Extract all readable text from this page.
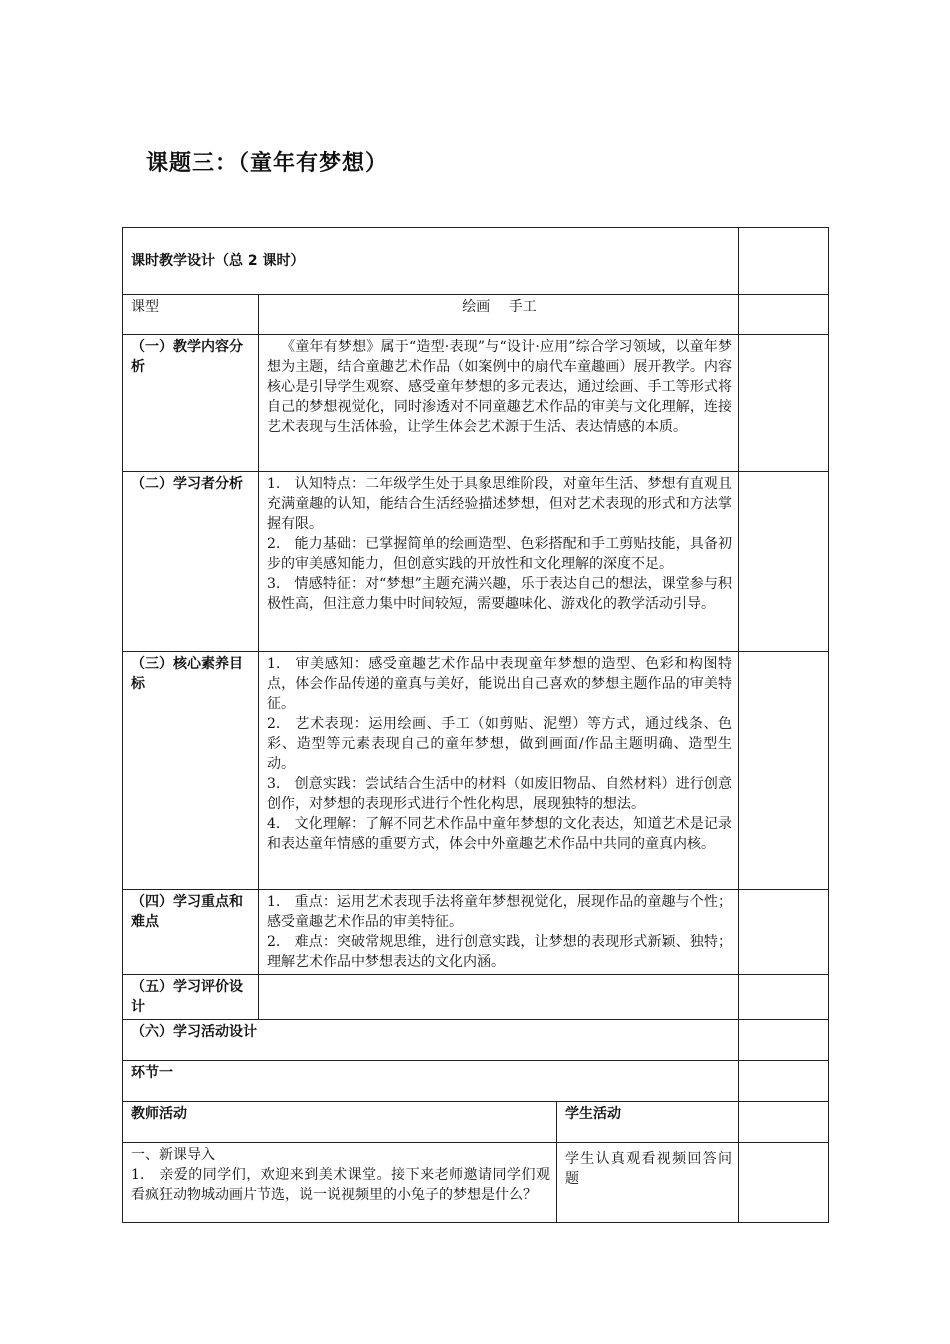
课题三：（童年有梦想）
课时教学设计（总 2 课时）			
课型	绘画　 手工		
（一）教学内容分析	《童年有梦想》属于“造型·表现”与“设计·应用”综合学习领域，以童年梦想为主题，结合童趣艺术作品（如案例中的扇代车童趣画）展开教学。内容核心是引导学生观察、感受童年梦想的多元表达，通过绘画、手工等形式将自己的梦想视觉化，同时渗透对不同童趣艺术作品的审美与文化理解，连接艺术表现与生活体验，让学生体会艺术源于生活、表达情感的本质。		
（二）学习者分析	1.　认知特点：二年级学生处于具象思维阶段，对童年生活、梦想有直观且充满童趣的认知，能结合生活经验描述梦想，但对艺术表现的形式和方法掌握有限。
2.　能力基础：已掌握简单的绘画造型、色彩搭配和手工剪贴技能，具备初步的审美感知能力，但创意实践的开放性和文化理解的深度不足。
3.　情感特征：对“梦想”主题充满兴趣，乐于表达自己的想法，课堂参与积极性高，但注意力集中时间较短，需要趣味化、游戏化的教学活动引导。		

（三）核心素养目标	1.　审美感知：感受童趣艺术作品中表现童年梦想的造型、色彩和构图特点，体会作品传递的童真与美好，能说出自己喜欢的梦想主题作品的审美特征。
2.　艺术表现：运用绘画、手工（如剪贴、泥塑）等方式，通过线条、色彩、造型等元素表现自己的童年梦想，做到画面/作品主题明确、造型生动。
3.　创意实践：尝试结合生活中的材料（如废旧物品、自然材料）进行创意创作，对梦想的表现形式进行个性化构思，展现独特的想法。
4.　文化理解：了解不同艺术作品中童年梦想的文化表达，知道艺术是记录和表达童年情感的重要方式，体会中外童趣艺术作品中共同的童真内核。		

（四）学习重点和难点	1.　重点：运用艺术表现手法将童年梦想视觉化，展现作品的童趣与个性；感受童趣艺术作品的审美特征。
2.　难点：突破常规思维，进行创意实践，让梦想的表现形式新颖、独特；理解艺术作品中梦想表达的文化内涵。		

（五）学习评价设计			
（六）学习活动设计			
环节一			
教师活动		学生活动	

一、新课导入
1.　亲爱的同学们，欢迎来到美术课堂。接下来老师邀请同学们观看疯狂动物城动画片节选，说一说视频里的小兔子的梦想是什么？		学生认真观看视频回答问题	
